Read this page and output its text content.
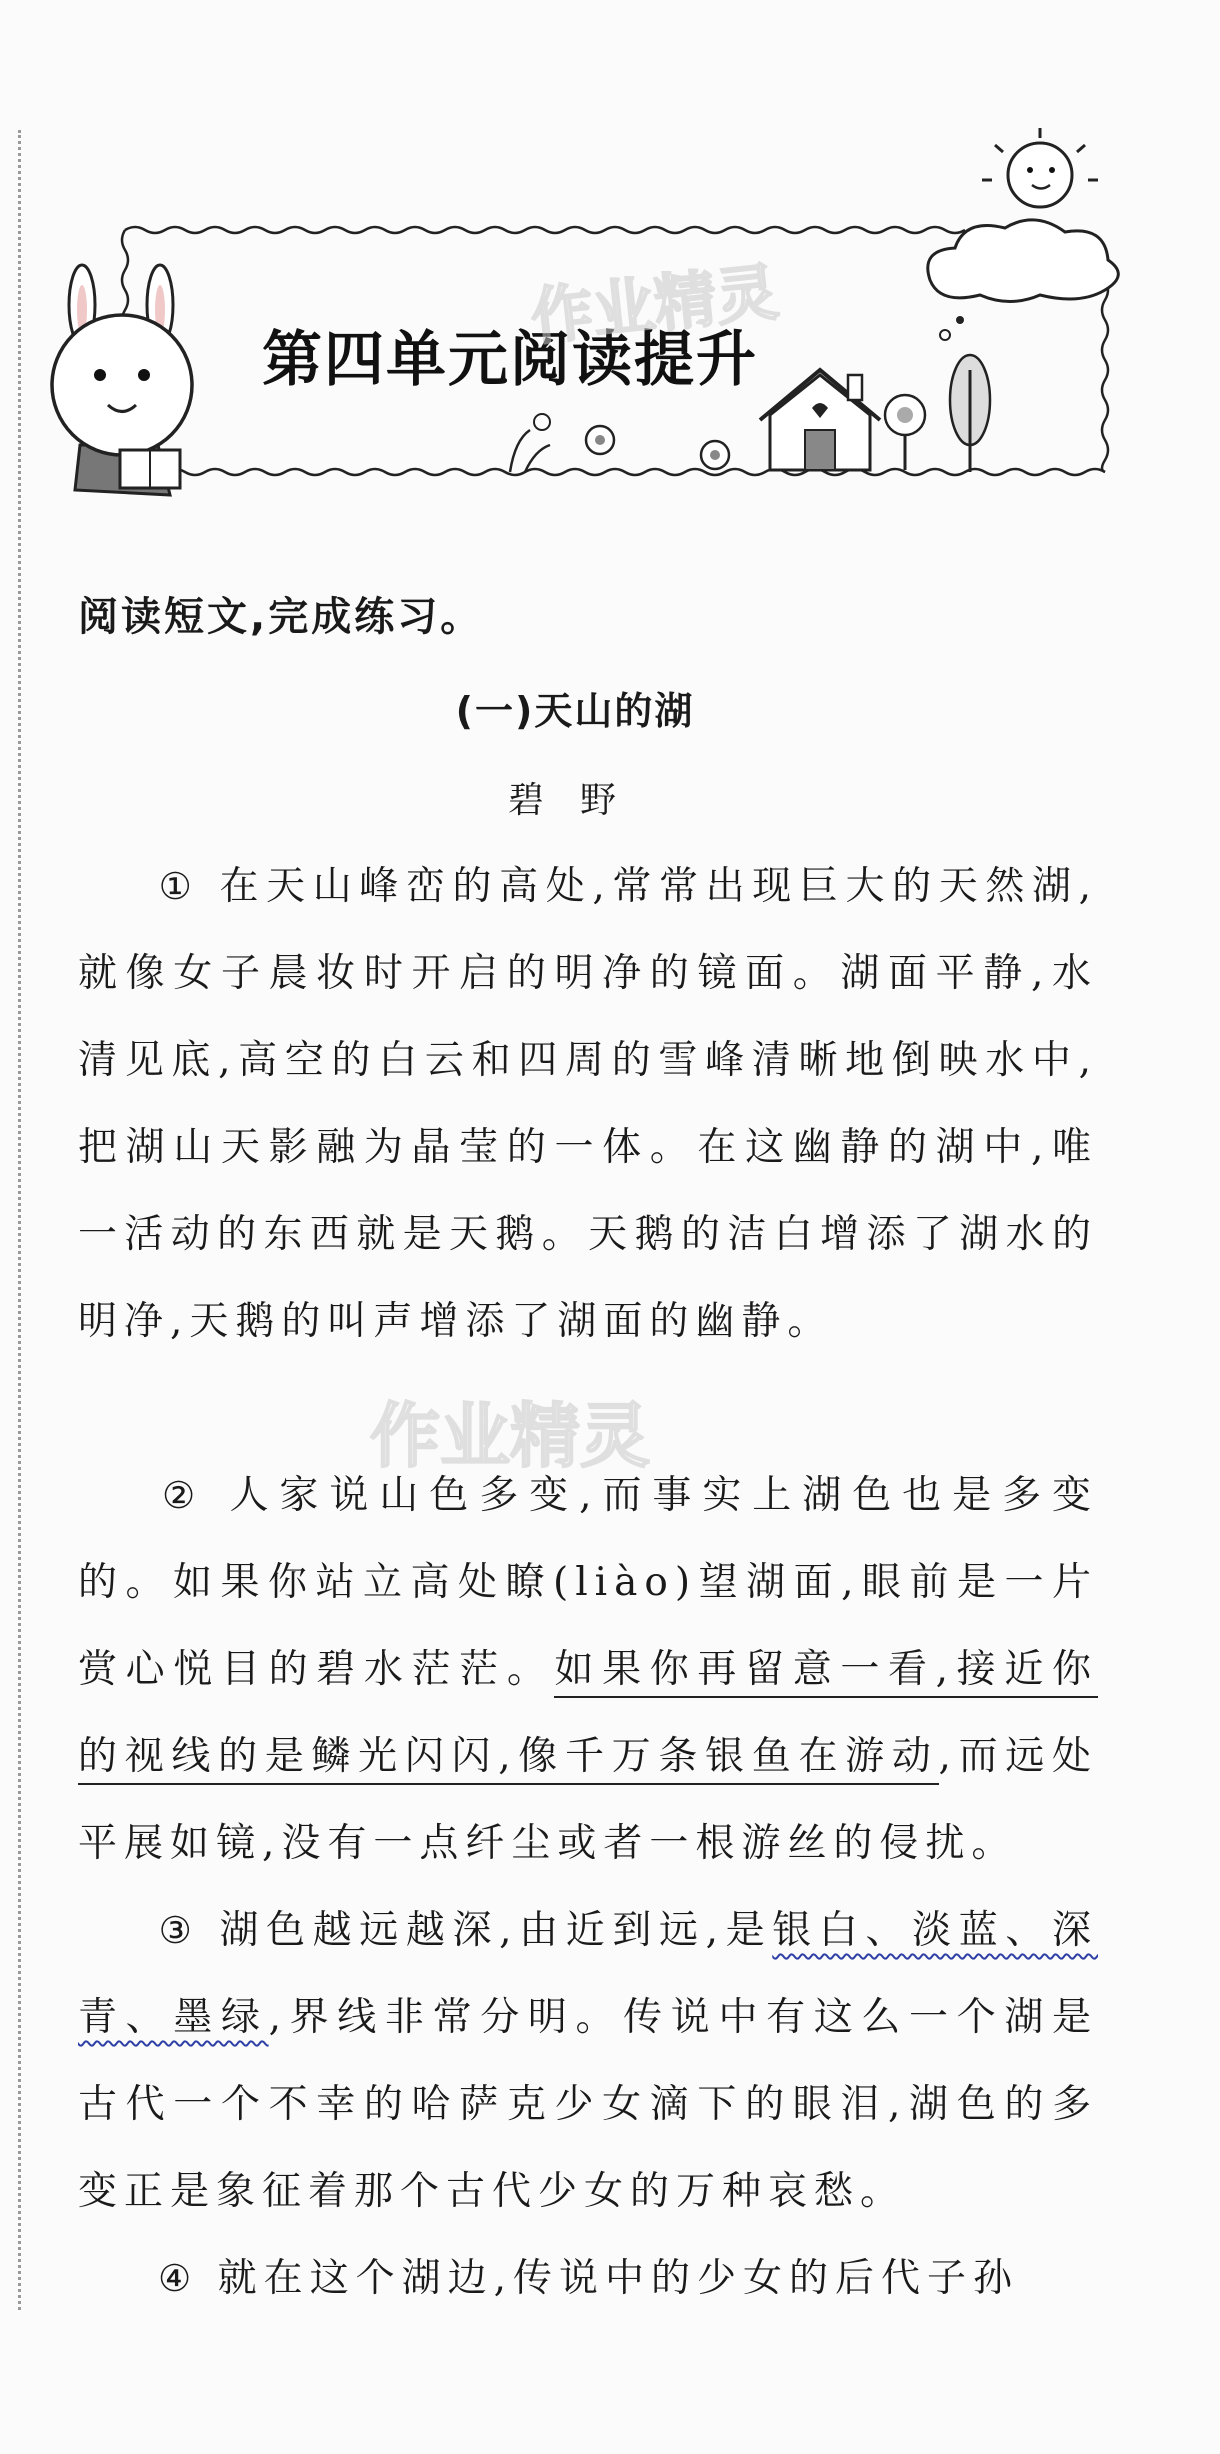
第四单元阅读提升
作业精灵
作业精灵
阅读短文,完成练习。
(一)天山的湖
碧野
① 在天山峰峦的高处,常常出现巨大的天然湖,就像女子晨妆时开启的明净的镜面。湖面平静,水清见底,高空的白云和四周的雪峰清晰地倒映水中,把湖山天影融为晶莹的一体。在这幽静的湖中,唯一活动的东西就是天鹅。天鹅的洁白增添了湖水的明净,天鹅的叫声增添了湖面的幽静。
② 人家说山色多变,而事实上湖色也是多变的。如果你站立高处瞭(liào)望湖面,眼前是一片赏心悦目的碧水茫茫。如果你再留意一看,接近你的视线的是鳞光闪闪,像千万条银鱼在游动,而远处平展如镜,没有一点纤尘或者一根游丝的侵扰。
③ 湖色越远越深,由近到远,是银白、淡蓝、深青、墨绿,界线非常分明。传说中有这么一个湖是古代一个不幸的哈萨克少女滴下的眼泪,湖色的多变正是象征着那个古代少女的万种哀愁。
④ 就在这个湖边,传说中的少女的后代子孙
